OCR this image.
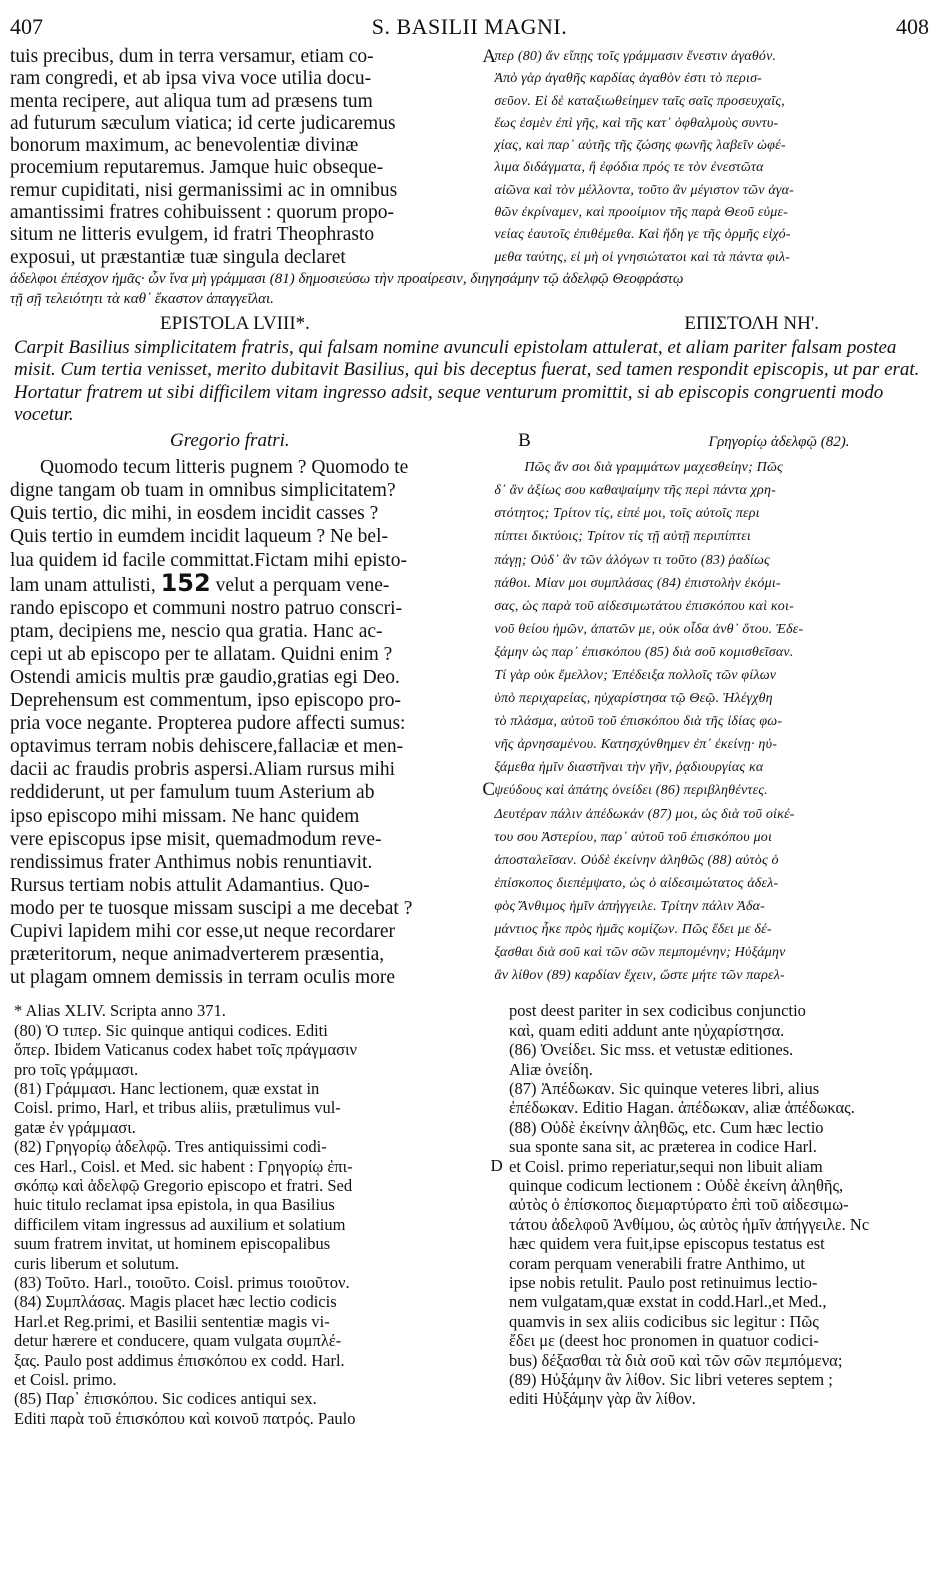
407	S. BASILII MAGNI.	408

tuis precibus, dum in terra versamur, etiam co-

ram congredi, et ab ipsa viva voce utilia docu-

menta recipere, aut aliqua tum ad præsens tum

ad futurum sæculum viatica; id certe judicaremus

bonorum maximum, ac benevolentiæ divinæ

procemium reputaremus. Jamque huic obseque-

remur cupiditati, nisi germanissimi ac in omnibus

amantissimi fratres cohibuissent : quorum propo-

situm ne litteris evulgem, id fratri Theophrasto

exposui, ut præstantiæ tuæ singula declaret

A

περ (80) ἄν εἴπῃς τοῖς γράμμασιν ἔνεστιν ἀγαθόν.

Ἀπὸ γὰρ ἀγαθῆς καρδίας ἀγαθὸν ἐστι τὸ περισ-

σεῦον. Εἰ δὲ καταξιωθείημεν ταῖς σαῖς προσευχαῖς,

ἕως ἐσμὲν ἐπὶ γῆς, καὶ τῆς κατ᾽ ὀφθαλμοὺς συντυ-

χίας, καὶ παρ᾽ αὐτῆς τῆς ζώσης φωνῆς λαβεῖν ὠφέ-

λιμα διδάγματα, ἢ ἐφόδια πρός τε τὸν ἐνεστῶτα

αἰῶνα καὶ τὸν μέλλοντα, τοῦτο ἂν μέγιστον τῶν ἀγα-

θῶν ἐκρίναμεν, καὶ προοίμιον τῆς παρὰ Θεοῦ εὐμε-

νείας ἑαυτοῖς ἐπιθέμεθα. Καὶ ἤδη γε τῆς ὁρμῆς εἰχό-

μεθα ταύτης, εἰ μὴ οἱ γνησιώτατοι καὶ τὰ πάντα φιλ-

άδελφοι ἐπέσχον ἡμᾶς· ὧν ἵνα μὴ γράμμασι (81) δημοσιεύσω τὴν προαίρεσιν, διηγησάμην τῷ ἀδελφῷ Θεοφράστῳ

τῇ σῇ τελειότητι τὰ καθ᾽ ἕκαστον ἀπαγγεῖλαι.

EPISTOLA LVIII*.	ΕΠΙΣΤΟΛΗ ΝΗ'.

Carpit Basilius simplicitatem fratris, qui falsam nomine avunculi epistolam attulerat, et aliam pariter falsam postea misit. Cum tertia venisset, merito dubitavit Basilius, qui bis deceptus fuerat, sed tamen respondit episcopis, ut par erat. Hortatur fratrem ut sibi difficilem vitam ingresso adsit, seque venturum promittit, si ab episcopis congruenti modo vocetur.

Gregorio fratri.	B	Γρηγορίῳ ἀδελφῷ (82).

Quomodo tecum litteris pugnem ? Quomodo te

digne tangam ob tuam in omnibus simplicitatem?

Quis tertio, dic mihi, in eosdem incidit casses ?

Quis tertio in eumdem incidit laqueum ? Ne bel-

lua quidem id facile committat.Fictam mihi episto-

lam unam attulisti, 152 velut a perquam vene-

rando episcopo et communi nostro patruo conscri-

ptam, decipiens me, nescio qua gratia. Hanc ac-

cepi ut ab episcopo per te allatam. Quidni enim ?

Ostendi amicis multis præ gaudio,gratias egi Deo.

Deprehensum est commentum, ipso episcopo pro-

pria voce negante. Propterea pudore affecti sumus:

optavimus terram nobis dehiscere,fallaciæ et men-

dacii ac fraudis probris aspersi.Aliam rursus mihi

reddiderunt, ut per famulum tuum Asterium ab

ipso episcopo mihi missam. Ne hanc quidem

vere episcopus ipse misit, quemadmodum reve-

rendissimus frater Anthimus nobis renuntiavit.

Rursus tertiam nobis attulit Adamantius. Quo-

modo per te tuosque missam suscipi a me decebat ?

Cupivi lapidem mihi cor esse,ut neque recordarer

præteritorum, neque animadverterem præsentia,

ut plagam omnem demissis in terram oculis more

C

Πῶς ἄν σοι διὰ γραμμάτων μαχεσθείην; Πῶς

δ᾽ ἂν ἀξίως σου καθαψαίμην τῆς περὶ πάντα χρη-

στότητος; Τρίτον τίς, εἰπέ μοι, τοῖς αὐτοῖς περι

πίπτει δικτύοις; Τρίτον τίς τῇ αὐτῇ περιπίπτει

πάγῃ; Οὐδ᾽ ἂν τῶν ἀλόγων τι τοῦτο (83) ῥαδίως

πάθοι. Μίαν μοι συμπλάσας (84) ἐπιστολὴν ἐκόμι-

σας, ὡς παρὰ τοῦ αἰδεσιμωτάτου ἐπισκόπου καὶ κοι-

νοῦ θείου ἡμῶν, ἀπατῶν με, οὐκ οἶδα ἀνθ᾽ ὅτου. Ἐδε-

ξάμην ὡς παρ᾽ ἐπισκόπου (85) διὰ σοῦ κομισθεῖσαν.

Τί γὰρ οὐκ ἔμελλον; Ἐπέδειξα πολλοῖς τῶν φίλων

ὑπὸ περιχαρείας, ηὐχαρίστησα τῷ Θεῷ. Ἠλέγχθη

τὸ πλάσμα, αὐτοῦ τοῦ ἐπισκόπου διὰ τῆς ἰδίας φω-

νῆς ἀρνησαμένου. Κατησχύνθημεν ἐπ᾽ ἐκείνῃ· ηὐ-

ξάμεθα ἡμῖν διαστῆναι τὴν γῆν, ῥᾳδιουργίας κα

ψεύδους καὶ ἀπάτης ὀνείδει (86) περιβληθέντες.

Δευτέραν πάλιν ἀπέδωκάν (87) μοι, ὡς διὰ τοῦ οἰκέ-

του σου Ἀστερίου, παρ᾽ αὐτοῦ τοῦ ἐπισκόπου μοι

ἀποσταλεῖσαν. Οὐδὲ ἐκείνην ἀληθῶς (88) αὐτὸς ὁ

ἐπίσκοπος διεπέμψατο, ὡς ὁ αἰδεσιμώτατος ἀδελ-

φὸς Ἄνθιμος ἡμῖν ἀπήγγειλε. Τρίτην πάλιν Ἀδα-

μάντιος ἧκε πρὸς ἡμᾶς κομίζων. Πῶς ἔδει με δέ-

ξασθαι διὰ σοῦ καὶ τῶν σῶν πεμπομένην; Ηὐξάμην

ἂν λίθον (89) καρδίαν ἔχειν, ὥστε μήτε τῶν παρελ-

* Alias XLIV. Scripta anno 371.

(80) Ὁ τιπερ. Sic quinque antiqui codices. Editi

ὅπερ. Ibidem Vaticanus codex habet τοῖς πράγμασιν

pro τοῖς γράμμασι.

(81) Γράμμασι. Hanc lectionem, quæ exstat in

Coisl. primo, Harl, et tribus aliis, prætulimus vul-

gatæ ἐν γράμμασι.

(82) Γρηγορίῳ ἀδελφῷ. Tres antiquissimi codi-

ces Harl., Coisl. et Med. sic habent : Γρηγορίῳ ἐπι-

σκόπῳ καὶ ἀδελφῷ Gregorio episcopo et fratri. Sed

huic titulo reclamat ipsa epistola, in qua Basilius

difficilem vitam ingressus ad auxilium et solatium

suum fratrem invitat, ut hominem episcopalibus

curis liberum et solutum.

(83) Τοῦτο. Harl., τοιοῦτο. Coisl. primus τοιοῦτον.

(84) Συμπλάσας. Magis placet hæc lectio codicis

Harl.et Reg.primi, et Basilii sententiæ magis vi-

detur hærere et conducere, quam vulgata συμπλέ-

ξας. Paulo post addimus ἐπισκόπου ex codd. Harl.

et Coisl. primo.

(85) Παρ᾽ ἐπισκόπου. Sic codices antiqui sex.

Editi παρὰ τοῦ ἐπισκόπου καὶ κοινοῦ πατρός. Paulo

D

post deest pariter in sex codicibus conjunctio

καὶ, quam editi addunt ante ηὐχαρίστησα.

(86) Ὀνείδει. Sic mss. et vetustæ editiones.

Aliæ ὀνείδη.

(87) Ἀπέδωκαν. Sic quinque veteres libri, alius

ἐπέδωκαν. Editio Hagan. ἀπέδωκαν, aliæ ἀπέδωκας.

(88) Οὐδὲ ἐκείνην ἀληθῶς, etc. Cum hæc lectio

sua sponte sana sit, ac præterea in codice Harl.

et Coisl. primo reperiatur,sequi non libuit aliam

quinque codicum lectionem : Οὐδὲ ἐκείνη ἀληθῆς,

αὐτὸς ὁ ἐπίσκοπος διεμαρτύρατο ἐπὶ τοῦ αἰδεσιμω-

τάτου ἀδελφοῦ Ἀνθίμου, ὡς αὐτὸς ἡμῖν ἀπήγγειλε. Nc

hæc quidem vera fuit,ipse episcopus testatus est

coram perquam venerabili fratre Anthimo, ut

ipse nobis retulit. Paulo post retinuimus lectio-

nem vulgatam,quæ exstat in codd.Harl.,et Med.,

quamvis in sex aliis codicibus sic legitur : Πῶς

ἔδει με (deest hoc pronomen in quatuor codici-

bus) δέξασθαι τὰ διὰ σοῦ καὶ τῶν σῶν πεμπόμενα;

(89) Ηὐξάμην ἂν λίθον. Sic libri veteres septem ;

editi Ηὐξάμην γὰρ ἂν λίθον.
